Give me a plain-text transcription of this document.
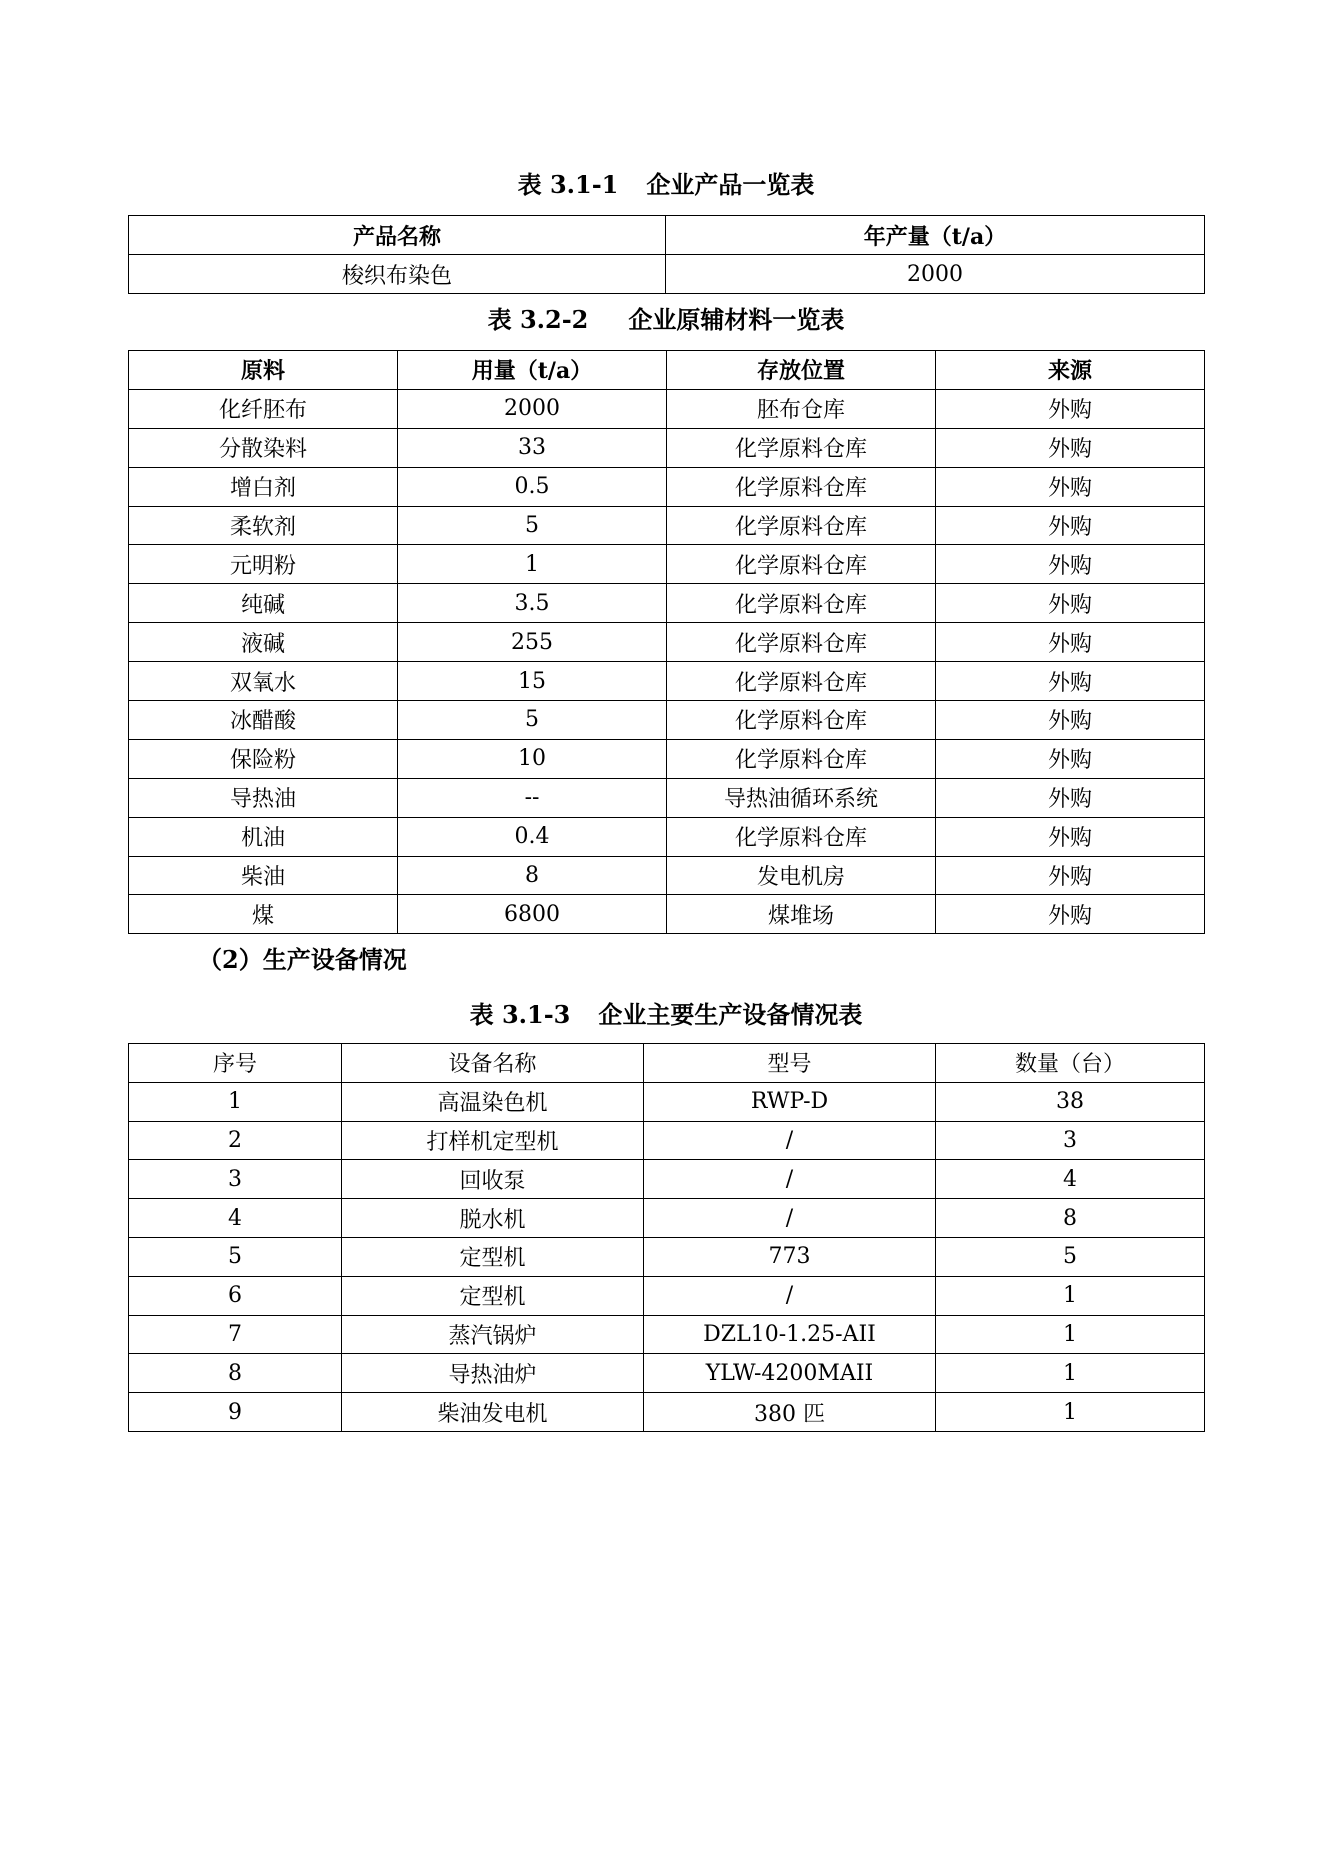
表 3.1-1 企业产品一览表
产品名称	年产量（t/a）
梭织布染色	2000
表 3.2-2 企业原辅材料一览表
原料	用量（t/a）	存放位置	来源
化纤胚布	2000	胚布仓库	外购
分散染料	33	化学原料仓库	外购
增白剂	0.5	化学原料仓库	外购
柔软剂	5	化学原料仓库	外购
元明粉	1	化学原料仓库	外购
纯碱	3.5	化学原料仓库	外购
液碱	255	化学原料仓库	外购
双氧水	15	化学原料仓库	外购
冰醋酸	5	化学原料仓库	外购
保险粉	10	化学原料仓库	外购
导热油	--	导热油循环系统	外购
机油	0.4	化学原料仓库	外购
柴油	8	发电机房	外购
煤	6800	煤堆场	外购
（2）生产设备情况
表 3.1-3 企业主要生产设备情况表
序号	设备名称	型号	数量（台）
1	高温染色机	RWP-D	38
2	打样机定型机	/	3
3	回收泵	/	4
4	脱水机	/	8
5	定型机	773	5
6	定型机	/	1
7	蒸汽锅炉	DZL10-1.25-AII	1
8	导热油炉	YLW-4200MAII	1
9	柴油发电机	380 匹	1
